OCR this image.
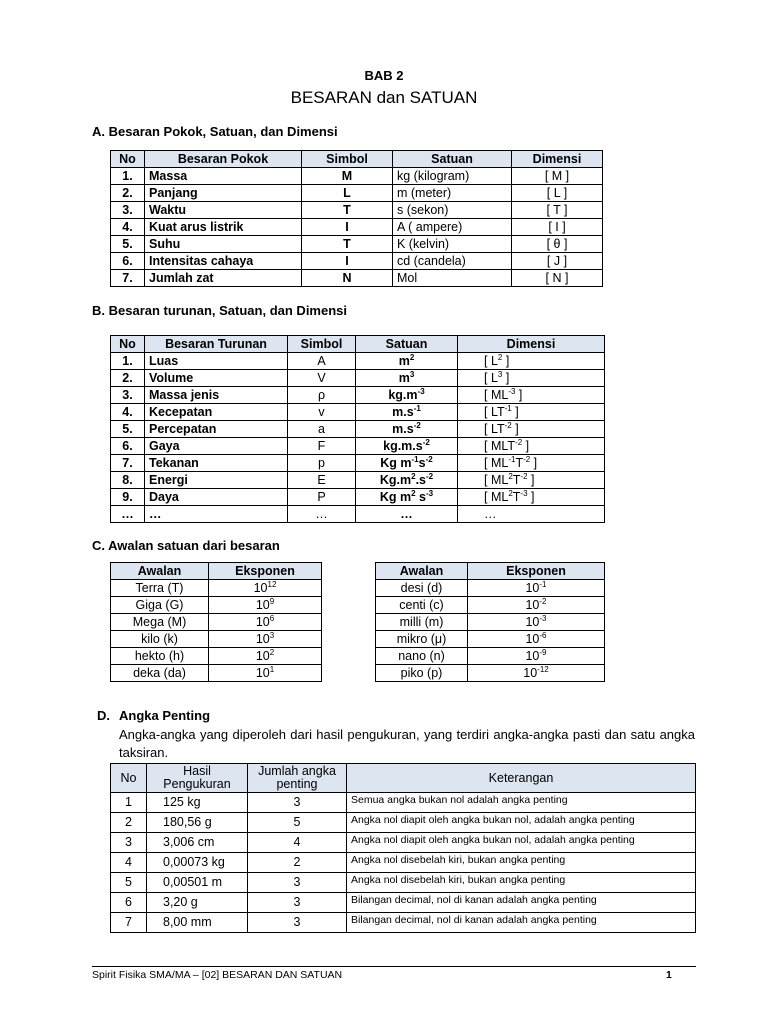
BAB 2
BESARAN dan SATUAN
A. Besaran Pokok, Satuan, dan Dimensi
No	Besaran Pokok	Simbol	Satuan	Dimensi
1.	Massa	M	kg (kilogram)	[ M ]
2.	Panjang	L	m (meter)	[ L ]
3.	Waktu	T	s (sekon)	[ T ]
4.	Kuat arus listrik	I	A ( ampere)	[ I ]
5.	Suhu	T	K (kelvin)	[ θ ]
6.	Intensitas cahaya	I	cd (candela)	[ J ]
7.	Jumlah zat	N	Mol	[ N ]
B. Besaran turunan, Satuan, dan Dimensi
No	Besaran Turunan	Simbol	Satuan	Dimensi
1.	Luas	A	$m^2$	[ $L^2$ ]
2.	Volume	V	$m^3$	[ $L^3$ ]
3.	Massa jenis	ρ	$kg.m^{-3}$	[ $ML^{-3}$ ]
4.	Kecepatan	v	$m.s^{-1}$	[ $LT^{-1}$ ]
5.	Percepatan	a	$m.s^{-2}$	[ $LT^{-2}$ ]
6.	Gaya	F	$kg.m.s^{-2}$	[ $MLT^{-2}$ ]
7.	Tekanan	p	Kg $m^{-1}s^{-2}$	[ $ML^{-1}T^{-2}$ ]
8.	Energi	E	$Kg.m^2.s^{-2}$	[ $ML^2T^{-2}$ ]
9.	Daya	P	Kg $m^2$ $s^{-3}$	[ $ML^2T^{-3}$ ]
…	…	…	…	…
C. Awalan satuan dari besaran
Awalan	Eksponen
Terra (T)	$10^{12}$
Giga (G)	$10^9$
Mega (M)	$10^6$
kilo (k)	$10^3$
hekto (h)	$10^2$
deka (da)	$10^1$
Awalan	Eksponen
desi (d)	$10^{-1}$
centi (c)	$10^{-2}$
milli (m)	$10^{-3}$
mikro (μ)	$10^{-6}$
nano (n)	$10^{-9}$
piko (p)	$10^{-12}$
D. Angka Penting
Angka-angka yang diperoleh dari hasil pengukuran, yang terdiri angka-angka pasti dan satu angka taksiran.
No	Hasil Pengukuran	Jumlah angka penting	Keterangan
1	125 kg	3	Semua angka bukan nol adalah angka penting
2	180,56 g	5	Angka nol diapit oleh angka bukan nol, adalah angka penting
3	3,006 cm	4	Angka nol diapit oleh angka bukan nol, adalah angka penting
4	0,00073 kg	2	Angka nol disebelah kiri, bukan angka penting
5	0,00501 m	3	Angka nol disebelah kiri, bukan angka penting
6	3,20 g	3	Bilangan decimal, nol di kanan adalah angka penting
7	8,00 mm	3	Bilangan decimal, nol di kanan adalah angka penting
Spirit Fisika SMA/MA – [02] BESARAN DAN SATUAN	1
